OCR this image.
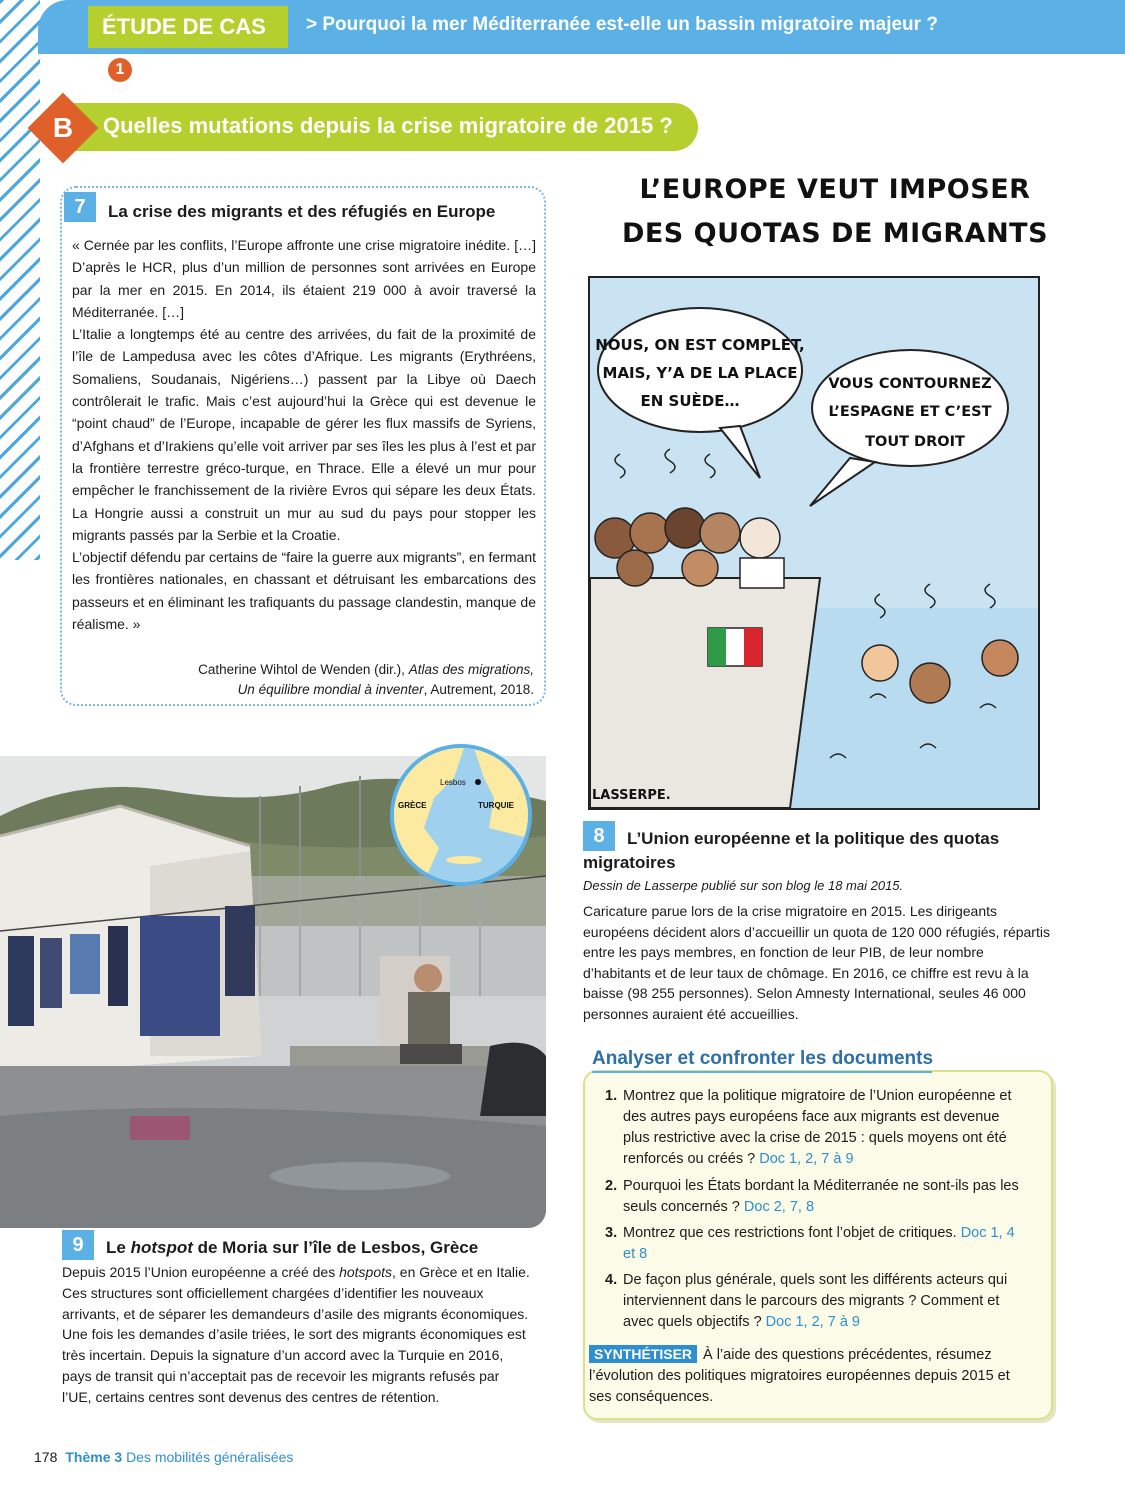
ÉTUDE DE CAS1
> Pourquoi la mer Méditerranée est-elle un bassin migratoire majeur ?
B	Quelles mutations depuis la crise migratoire de 2015 ?
7	La crise des migrants et des réfugiés en Europe

« Cernée par les conflits, l’Europe affronte une crise migratoire inédite. […] D’après le HCR, plus d’un million de personnes sont arrivées en Europe par la mer en 2015. En 2014, ils étaient 219 000 à avoir traversé la Méditerranée. […]

L’Italie a longtemps été au centre des arrivées, du fait de la proximité de l’île de Lampedusa avec les côtes d’Afrique. Les migrants (Erythréens, Somaliens, Soudanais, Nigériens…) passent par la Libye où Daech contrôlerait le trafic. Mais c’est aujourd’hui la Grèce qui est devenue le “point chaud” de l’Europe, incapable de gérer les flux massifs de Syriens, d’Afghans et d’Irakiens qu’elle voit arriver par ses îles les plus à l’est et par la frontière terrestre gréco-turque, en Thrace. Elle a élevé un mur pour empêcher le franchissement de la rivière Evros qui sépare les deux États. La Hongrie aussi a construit un mur au sud du pays pour stopper les migrants passés par la Serbie et la Croatie.

L’objectif défendu par certains de “faire la guerre aux migrants”, en fermant les frontières nationales, en chassant et détruisant les embarcations des passeurs et en éliminant les trafiquants du passage clandestin, manque de réalisme. »

Catherine Wihtol de Wenden (dir.), Atlas des migrations,
Un équilibre mondial à inventer, Autrement, 2018.
Lesbos
GRÈCE	TURQUIE
9	Le hotspot de Moria sur l’île de Lesbos, Grèce
Depuis 2015 l’Union européenne a créé des hotspots, en Grèce et en Italie. Ces structures sont officiellement chargées d’identifier les nouveaux arrivants, et de séparer les demandeurs d’asile des migrants économiques. Une fois les demandes d’asile triées, le sort des migrants économiques est très incertain. Depuis la signature d’un accord avec la Turquie en 2016, pays de transit qui n’acceptait pas de recevoir les migrants refusés par l’UE, certains centres sont devenus des centres de rétention.
L’EUROPE VEUT IMPOSER
DES QUOTAS DE MIGRANTS
NOUS, ON EST COMPLET,
MAIS, Y’A DE LA PLACE
EN SUÈDE…
VOUS CONTOURNEZ
L’ESPAGNE ET C’EST
TOUT DROIT
LASSERPE.
8	L’Union européenne et la politique des quotas
migratoires
Dessin de Lasserpe publié sur son blog le 18 mai 2015.
Caricature parue lors de la crise migratoire en 2015. Les dirigeants européens décident alors d’accueillir un quota de 120 000 réfugiés, répartis entre les pays membres, en fonction de leur PIB, de leur nombre d’habitants et de leur taux de chômage. En 2016, ce chiffre est revu à la baisse (98 255 personnes). Selon Amnesty International, seules 46 000 personnes auraient été accueillies.
1. Montrez que la politique migratoire de l’Union européenne et des autres pays européens face aux migrants est devenue plus restrictive avec la crise de 2015 : quels moyens ont été renforcés ou créés ? Doc 1, 2, 7 à 9
2. Pourquoi les États bordant la Méditerranée ne sont-ils pas les seuls concernés ? Doc 2, 7, 8
3. Montrez que ces restrictions font l’objet de critiques. Doc 1, 4 et 8
4. De façon plus générale, quels sont les différents acteurs qui interviennent dans le parcours des migrants ? Comment et avec quels objectifs ? Doc 1, 2, 7 à 9
SYNTHÉTISER À l’aide des questions précédentes, résumez l’évolution des politiques migratoires européennes depuis 2015 et ses conséquences.
Analyser et confronter les documents
178 Thème 3 Des mobilités généralisées
